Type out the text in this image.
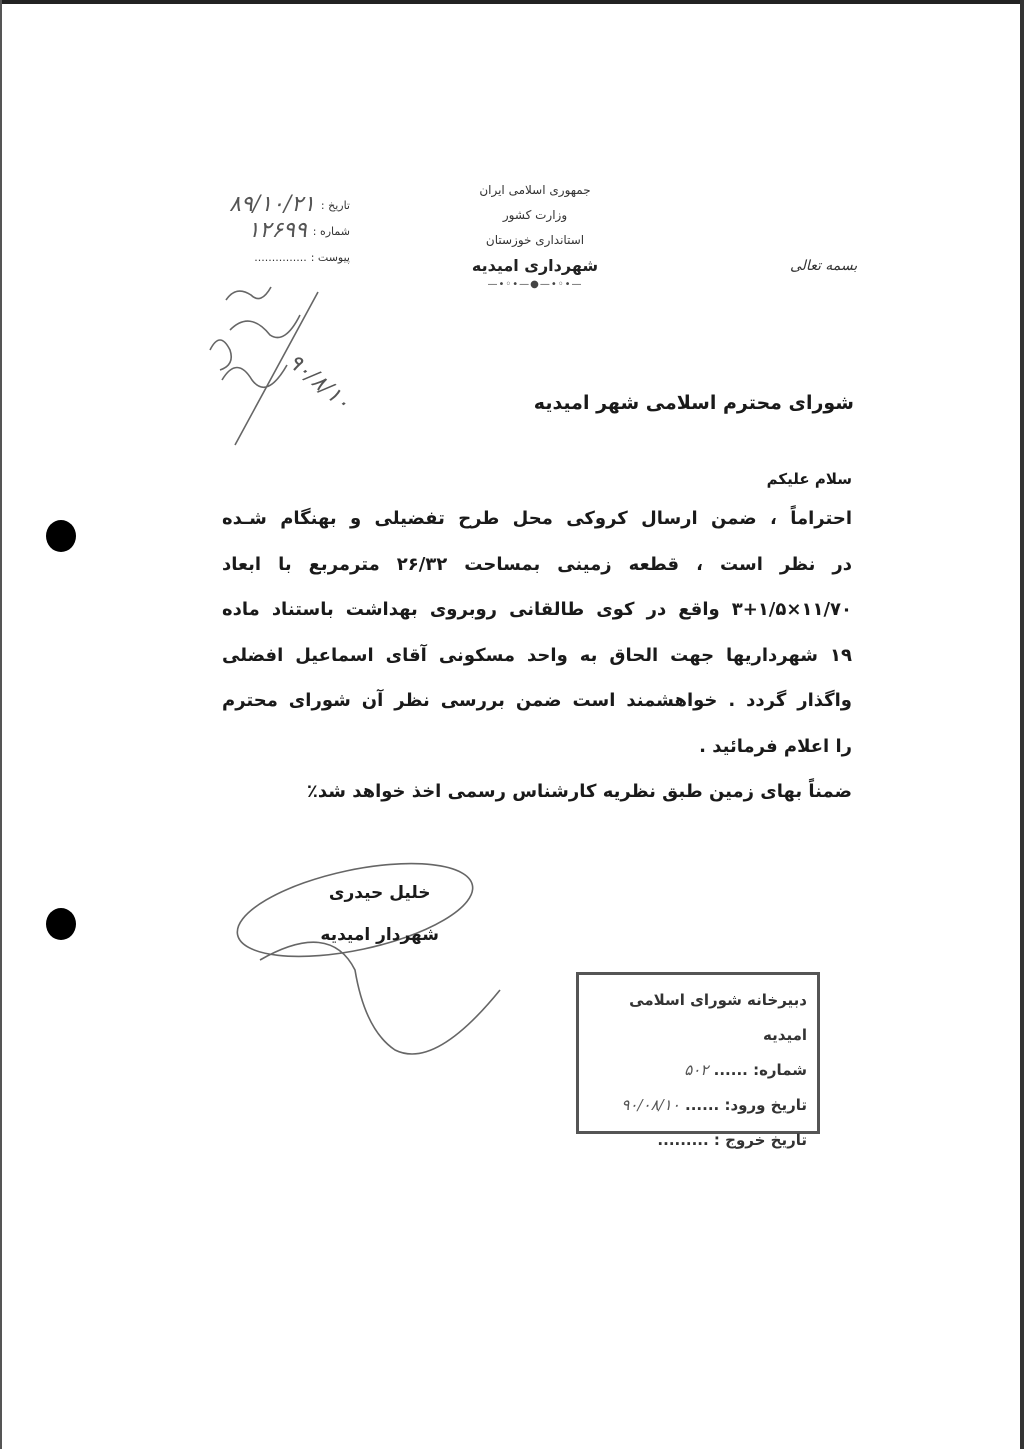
جمهوری اسلامی ایران
وزارت کشور
استانداری خوزستان
شهرداری امیدیه
—•◦•—●—•◦•—
بسمه تعالی
تاریخ :
۸۹/۱۰/۲۱
شماره :
۱۲۶۹۹
پیوست :
...............
۹۰/۸/۱۰	شورای محترم اسلامی شهر امیدیه
سلام علیکم
احتراماً ، ضمن ارسال کروکی محل طرح تفضیلی و بهنگام شـده
در نظر است ، قطعه زمینی بمساحت ۲۶/۳۲ مترمربع با ابعاد
۱۱/۷۰×۳+۱/۵ واقع در کوی طالقانی روبروی بهداشت باستناد ماده
۱۹ شهرداریها جهت الحاق به واحد مسکونی آقای اسماعیل افضلی
واگذار گردد . خواهشمند است ضمن بررسی نظر آن شورای محترم
را اعلام فرمائید .
ضمناً بهای زمین طبق نظریه کارشناس رسمی اخذ خواهد شد٪
خلیل حیدری
شهردار امیدیه
دبیرخانه شورای اسلامی امیدیه
شماره: ...... ۵۰۲
تاریخ ورود: ...... ۹۰/۰۸/۱۰
تاریخ خروج : .........
